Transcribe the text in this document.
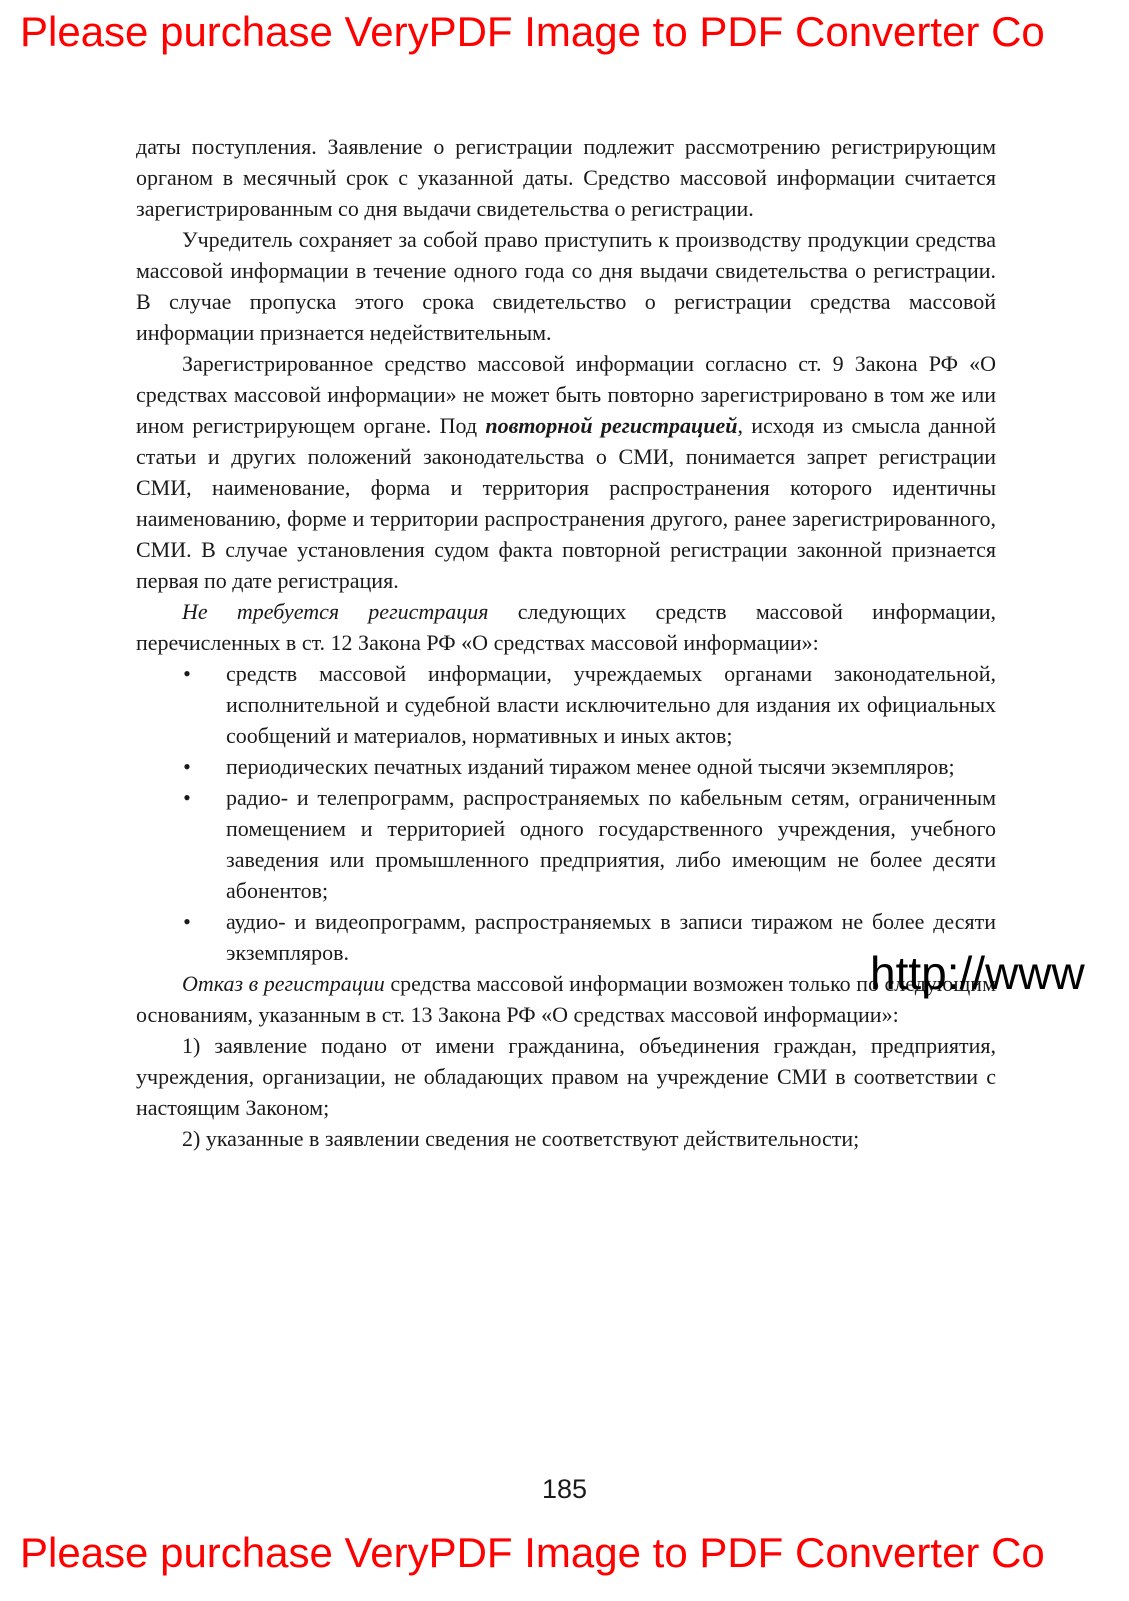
Please purchase VeryPDF Image to PDF Converter Co

даты поступления. Заявление о регистрации подлежит рассмотрению регистрирующим органом в месячный срок с указанной даты. Средство массовой информации считается зарегистрированным со дня выдачи свидетельства о регистрации.

Учредитель сохраняет за собой право приступить к производству продукции средства массовой информации в течение одного года со дня выдачи свидетельства о регистрации. В случае пропуска этого срока свидетельство о регистрации средства массовой информации признается недействительным.

Зарегистрированное средство массовой информации согласно ст. 9 Закона РФ «О средствах массовой информации» не может быть повторно зарегистрировано в том же или ином регистрирующем органе. Под повторной регистрацией, исходя из смысла данной статьи и других положений законодательства о СМИ, понимается запрет регистрации СМИ, наименование, форма и территория распространения которого идентичны наименованию, форме и территории распространения другого, ранее зарегистрированного, СМИ. В случае установления судом факта повторной регистрации законной признается первая по дате регистрация.

Не требуется регистрация следующих средств массовой информации, перечисленных в ст. 12 Закона РФ «О средствах массовой информации»:

• средств массовой информации, учреждаемых органами законодательной, исполнительной и судебной власти исключительно для издания их официальных сообщений и материалов, нормативных и иных актов;
• периодических печатных изданий тиражом менее одной тысячи экземпляров;
• радио- и телепрограмм, распространяемых по кабельным сетям, ограниченным помещением и территорией одного государственного учреждения, учебного заведения или промышленного предприятия, либо имеющим не более десяти абонентов;
• аудио- и видеопрограмм, распространяемых в записи тиражом не более десяти экземпляров.

Отказ в регистрации средства массовой информации возможен только по следующим основаниям, указанным в ст. 13 Закона РФ «О средствах массовой информации»:

1) заявление подано от имени гражданина, объединения граждан, предприятия, учреждения, организации, не обладающих правом на учреждение СМИ в соответствии с настоящим Законом;

2) указанные в заявлении сведения не соответствуют действительности;

http://www
185
Please purchase VeryPDF Image to PDF Converter Co
